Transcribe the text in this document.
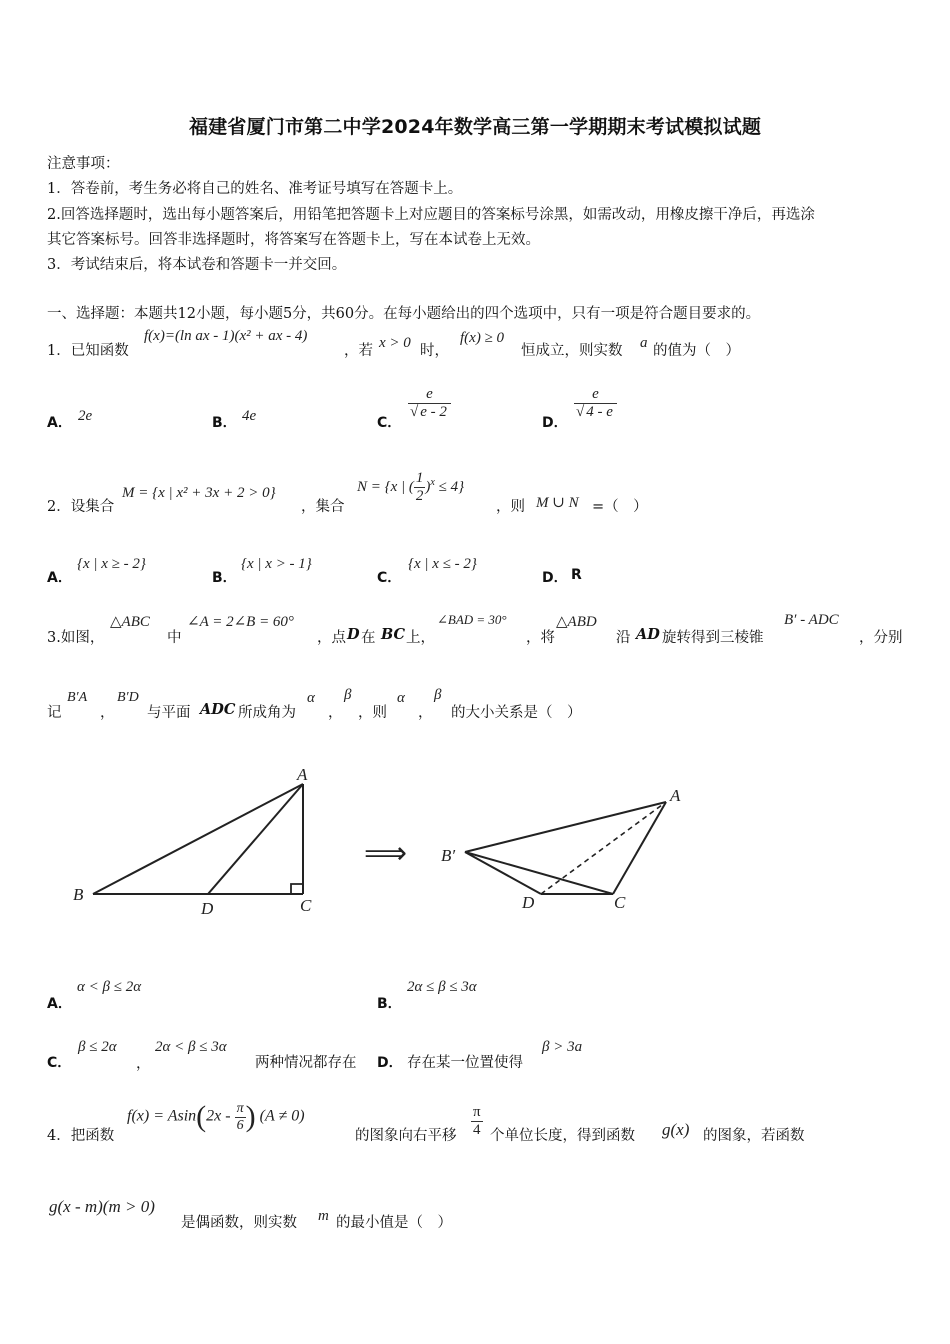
福建省厦门市第二中学2024年数学高三第一学期期末考试模拟试题
注意事项：
1．答卷前，考生务必将自己的姓名、准考证号填写在答题卡上。
2.回答选择题时，选出每小题答案后，用铅笔把答题卡上对应题目的答案标号涂黑，如需改动，用橡皮擦干净后，再选涂
其它答案标号。回答非选择题时，将答案写在答题卡上，写在本试卷上无效。
3．考试结束后，将本试卷和答题卡一并交回。
一、选择题：本题共12小题，每小题5分，共60分。在每小题给出的四个选项中，只有一项是符合题目要求的。
1．已知函数
f(x)=(ln ax - 1)(x² + ax - 4)
，若 x > 0 时，
f(x) ≥ 0
恒成立，则实数 a 的值为（　）
A． 2e	B． 4e	C．
$\frac{e}{√ e - 2}$
D．
$\frac{e}{√ 4 - e}$
2．设集合
M = {x | x² + 3x + 2 > 0}
，集合
N = {x | ( $\frac{1}{2} )^x \le 4$}
，则 M ∪ N =（　）
A．
{x | x ≥ - 2}
B．
{x | x > - 1}
C．
{x | x ≤ - 2}
D． R
3.如图，
△ABC
中
∠A = 2∠B = 60°
，点 D 在 BC 上，
∠BAD = 30°
，将
△ABD
沿 AD 旋转得到三棱锥
B′ - ADC
，分别
记
B′A
，
B′D
与平面 ADC 所成角为
α
，
β
，则
α
，
β
的大小关系是（　）
B
A
C
D
B′
A
C
D
⟹
A．
α < β ≤ 2α
B．
2α ≤ β ≤ 3α
C．
β ≤ 2α
，
2α < β ≤ 3α
两种情况都存在 D． 存在某一位置使得
β > 3a
4．把函数
$f(x) = Asin(2x - \frac{\pi}{6}$ ) (A ≠ 0)
的图象向右平移 $\frac{\pi}{4}$ 个单位长度，得到函数 g(x) 的图象，若函数
g(x - m)(m > 0)
是偶函数，则实数 m 的最小值是（　）
